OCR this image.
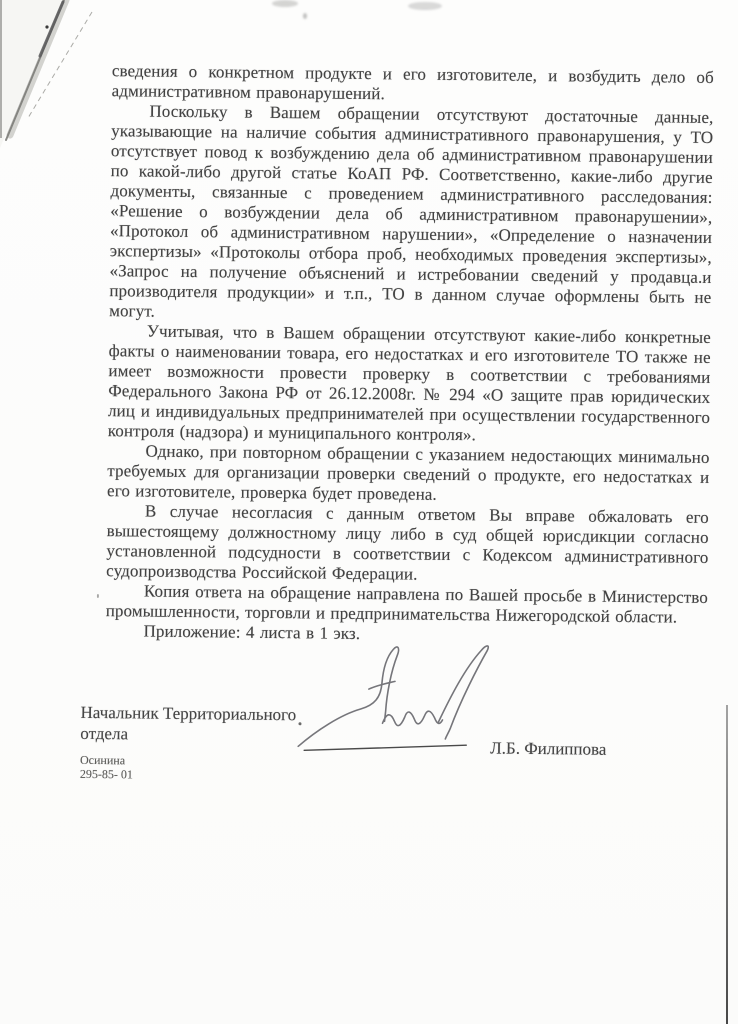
сведения о конкретном продукте и его изготовителе, и возбудить дело об административном правонарушений.

Поскольку в Вашем обращении отсутствуют достаточные данные, указывающие на наличие события административного правонарушения, у ТО отсутствует повод к возбуждению дела об административном правонарушении по какой-либо другой статье КоАП РФ. Соответственно, какие-либо другие документы, связанные с проведением административного расследования: «Решение о возбуждении дела об административном правонарушении», «Протокол об административном нарушении», «Определение о назначении экспертизы» «Протоколы отбора проб, необходимых проведения экспертизы», «Запрос на получение объяснений и истребовании сведений у продавца.и производителя продукции» и т.п., ТО в данном случае оформлены быть не могут.

Учитывая, что в Вашем обращении отсутствуют какие-либо конкретные факты о наименовании товара, его недостатках и его изготовителе ТО также не имеет возможности провести проверку в соответствии с требованиями Федерального Закона РФ от 26.12.2008г. № 294 «О защите прав юридических лиц и индивидуальных предпринимателей при осуществлении государственного контроля (надзора) и муниципального контроля».

Однако, при повторном обращении с указанием недостающих минимально требуемых для организации проверки сведений о продукте, его недостатках и его изготовителе, проверка будет проведена.

В случае несогласия с данным ответом Вы вправе обжаловать его вышестоящему должностному лицу либо в суд общей юрисдикции согласно установленной подсудности в соответствии с Кодексом административного судопроизводства Российской Федерации.

Копия ответа на обращение направлена по Вашей просьбе в Министерство промышленности, торговли и предпринимательства Нижегородской области.

Приложение: 4 листа в 1 экз.

Начальник Территориального отдела
Л.Б. Филиппова
Осинина
295-85- 01
